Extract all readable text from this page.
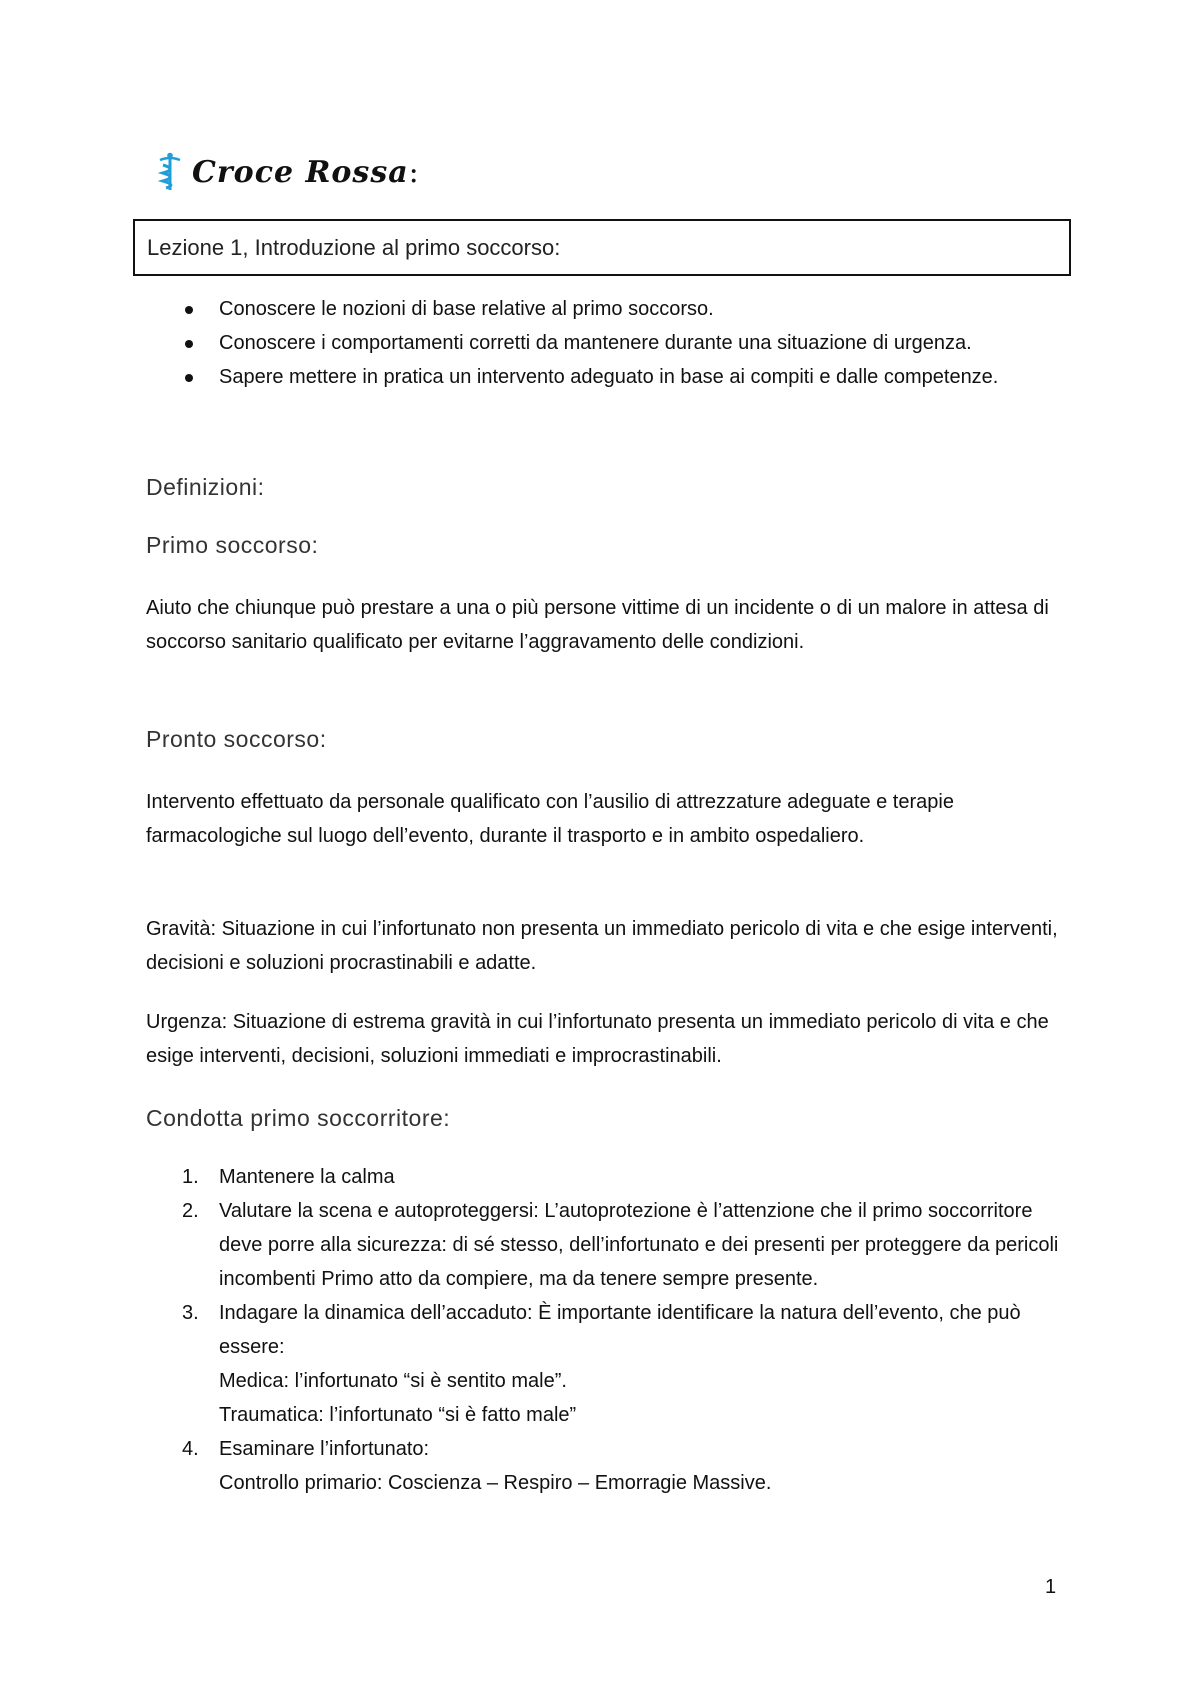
Croce Rossa :
Lezione 1, Introduzione al primo soccorso:
Conoscere le nozioni di base relative al primo soccorso.
Conoscere i comportamenti corretti da mantenere durante una situazione di urgenza.
Sapere mettere in pratica un intervento adeguato in base ai compiti e dalle competenze.
Definizioni:
Primo soccorso:
Aiuto che chiunque può prestare a una o più persone vittime di un incidente o di un malore in attesa di soccorso sanitario qualificato per evitarne l’aggravamento delle condizioni.
Pronto soccorso:
Intervento effettuato da personale qualificato con l’ausilio di attrezzature adeguate e terapie farmacologiche sul luogo dell’evento, durante il trasporto e in ambito ospedaliero.
Gravità: Situazione in cui l’infortunato non presenta un immediato pericolo di vita e che esige interventi, decisioni e soluzioni procrastinabili e adatte.
Urgenza: Situazione di estrema gravità in cui l’infortunato presenta un immediato pericolo di vita e che esige interventi, decisioni, soluzioni immediati e improcrastinabili.
Condotta primo soccorritore:
1. Mantenere la calma
2. Valutare la scena e autoproteggersi: L’autoprotezione è l’attenzione che il primo soccorritore deve porre alla sicurezza: di sé stesso, dell’infortunato e dei presenti per proteggere da pericoli incombenti Primo atto da compiere, ma da tenere sempre presente.
3. Indagare la dinamica dell’accaduto: È importante identificare la natura dell’evento, che può essere:
Medica: l’infortunato “si è sentito male”.
Traumatica: l’infortunato “si è fatto male”
4. Esaminare l’infortunato:
Controllo primario: Coscienza – Respiro – Emorragie Massive.
1
